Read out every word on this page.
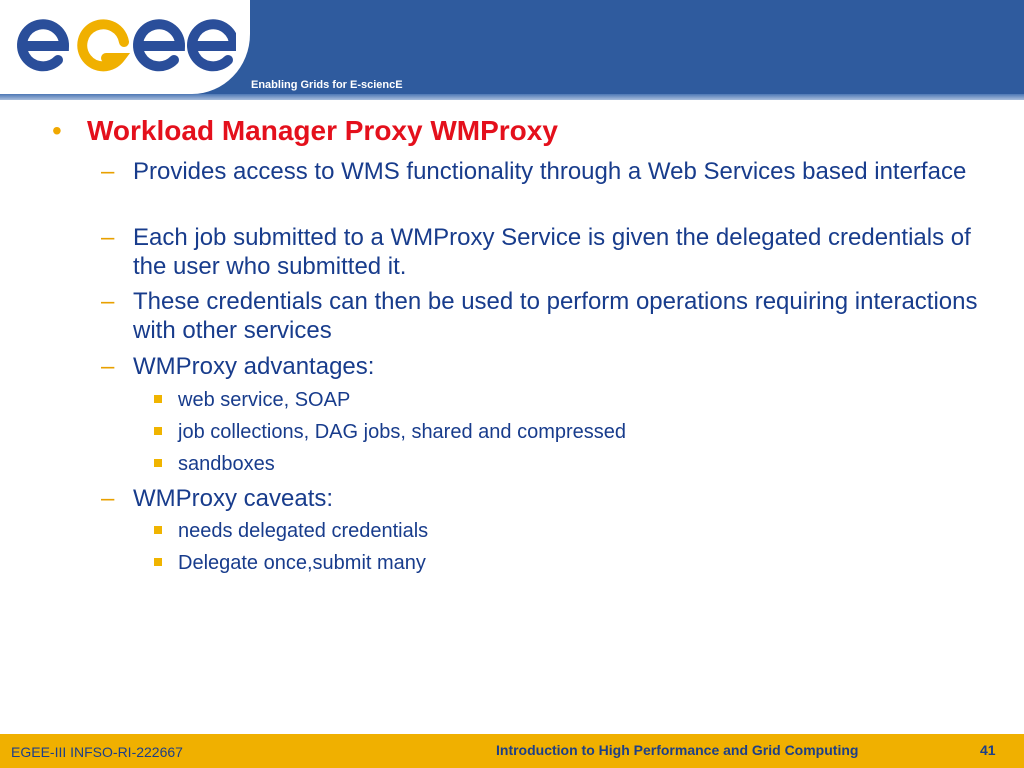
Enabling Grids for E-sciencE
• Workload Manager Proxy WMProxy
– Provides access to WMS functionality through a Web Services based interface
– Each job submitted to a WMProxy Service is given the delegated credentials of the user who submitted it.
– These credentials can then be used to perform operations requiring interactions with other services
– WMProxy advantages:
web service, SOAP
job collections, DAG jobs, shared and compressed
sandboxes
– WMProxy caveats:
needs delegated credentials
Delegate once,submit many
EGEE-III INFSO-RI-222667	Introduction to High Performance and Grid Computing	41
